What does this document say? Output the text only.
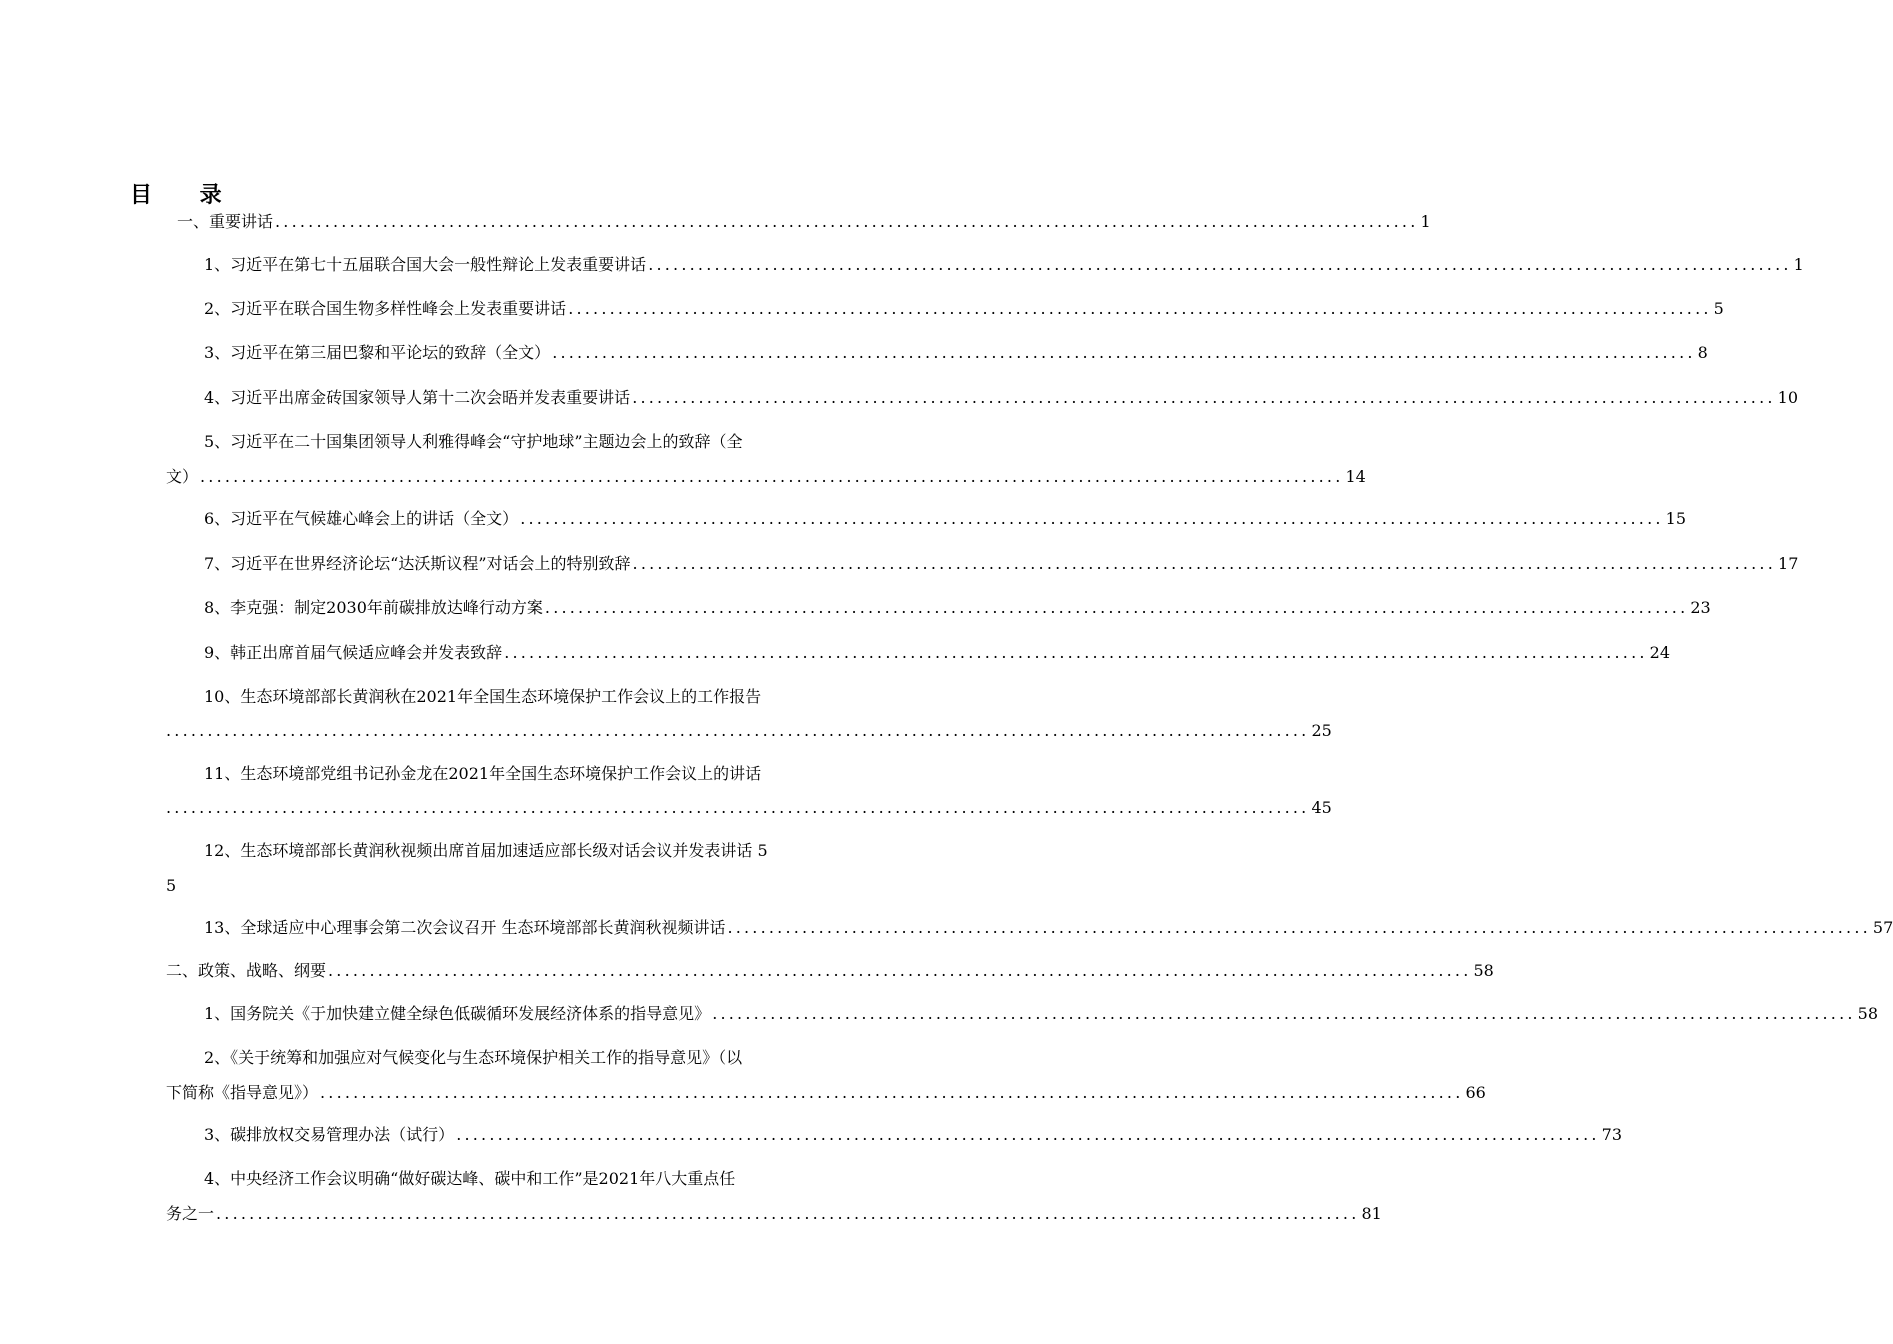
目 录
一、重要讲话 .......................................................................................................................................... 1
1、习近平在第七十五届联合国大会一般性辩论上发表重要讲话 .......................................................................................................................................... 1
2、习近平在联合国生物多样性峰会上发表重要讲话 .......................................................................................................................................... 5
3、习近平在第三届巴黎和平论坛的致辞（全文） .......................................................................................................................................... 8
4、习近平出席金砖国家领导人第十二次会晤并发表重要讲话 .......................................................................................................................................... 10
5、习近平在二十国集团领导人利雅得峰会“守护地球”主题边会上的致辞（全
文） .......................................................................................................................................... 14
6、习近平在气候雄心峰会上的讲话（全文） .......................................................................................................................................... 15
7、习近平在世界经济论坛“达沃斯议程”对话会上的特别致辞 .......................................................................................................................................... 17
8、李克强：制定2030年前碳排放达峰行动方案 .......................................................................................................................................... 23
9、韩正出席首届气候适应峰会并发表致辞 .......................................................................................................................................... 24
10、生态环境部部长黄润秋在2021年全国生态环境保护工作会议上的工作报告
.......................................................................................................................................... 25
11、生态环境部党组书记孙金龙在2021年全国生态环境保护工作会议上的讲话
.......................................................................................................................................... 45
12、生态环境部部长黄润秋视频出席首届加速适应部长级对话会议并发表讲话 5
5
13、全球适应中心理事会第二次会议召开 生态环境部部长黄润秋视频讲话 .......................................................................................................................................... 57
二、政策、战略、纲要 .......................................................................................................................................... 58
1、国务院关《于加快建立健全绿色低碳循环发展经济体系的指导意见》 .......................................................................................................................................... 58
2、《关于统筹和加强应对气候变化与生态环境保护相关工作的指导意见》（以
下简称《指导意见》） .......................................................................................................................................... 66
3、碳排放权交易管理办法（试行） .......................................................................................................................................... 73
4、中央经济工作会议明确“做好碳达峰、碳中和工作”是2021年八大重点任
务之一 .......................................................................................................................................... 81
